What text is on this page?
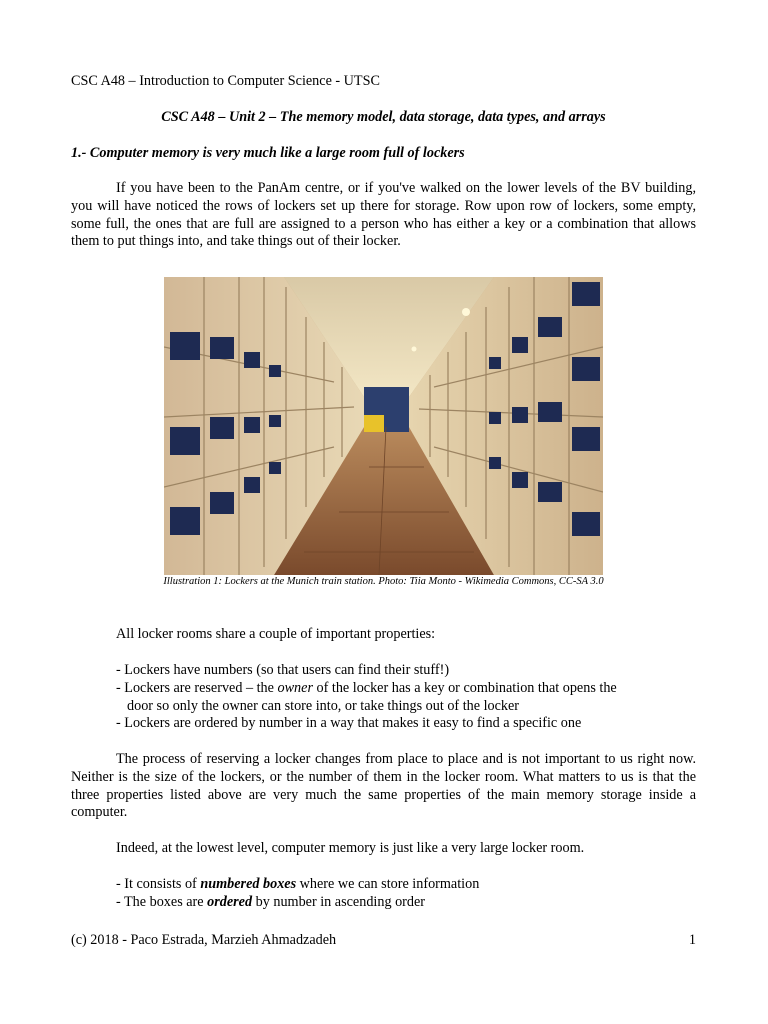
CSC A48 – Introduction to Computer Science - UTSC
CSC A48 – Unit 2 – The memory model, data storage, data types, and arrays
1.- Computer memory is very much like a large room full of lockers
If you have been to the PanAm centre, or if you've walked on the lower levels of the BV building, you will have noticed the rows of lockers set up there for storage. Row upon row of lockers, some empty, some full, the ones that are full are assigned to a person who has either a key or a combination that allows them to put things into, and take things out of their locker.
Illustration 1: Lockers at the Munich train station. Photo: Tiia Monto - Wikimedia Commons, CC-SA 3.0
All locker rooms share a couple of important properties:
- Lockers have numbers (so that users can find their stuff!)
- Lockers are reserved – the owner of the locker has a key or combination that opens the
door so only the owner can store into, or take things out of the locker
- Lockers are ordered by number in a way that makes it easy to find a specific one
The process of reserving a locker changes from place to place and is not important to us right now. Neither is the size of the lockers, or the number of them in the locker room. What matters to us is that the three properties listed above are very much the same properties of the main memory storage inside a computer.
Indeed, at the lowest level, computer memory is just like a very large locker room.
- It consists of numbered boxes where we can store information
- The boxes are ordered by number in ascending order
(c) 2018 - Paco Estrada, Marzieh Ahmadzadeh	1
